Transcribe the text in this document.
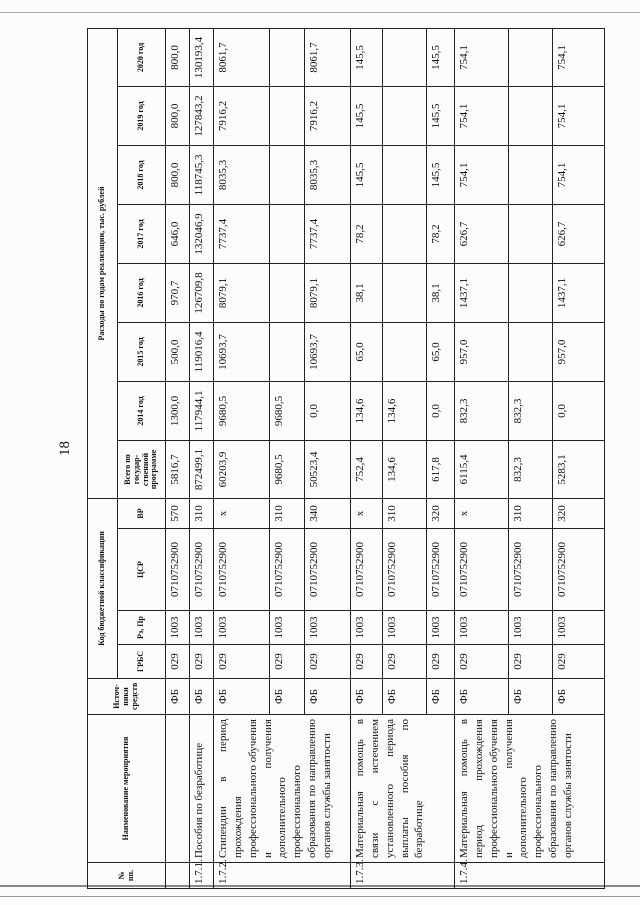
18
№ пп.	Наименование мероприятия	Источ-ники средств	Код бюджетной классификации				Расходы по годам реализации, тыс. рублей							
			ГРБС	Рз, Пр	ЦСР	ВР	Всего по государ-ственной программе	2014 год	2015 год	2016 год	2017 год	2018 год	2019 год	2020 год
		ФБ	029	1003	0710752900	570	5816,7	1300,0	500,0	970,7	646,0	800,0	800,0	800,0
1.7.1.	Пособия по безработице	ФБ	029	1003	0710752900	310	872499,1	117944,1	119016,4	126709,8	132046,9	118745,3	127843,2	130193,4
1.7.2.	Стипендии в период прохождения профессионального обучения и получения дополнительного профессионального образования по направлению органов службы занятости	ФБ	029	1003	0710752900	x	60203,9	9680,5	10693,7	8079,1	7737,4	8035,3	7916,2	8061,7
		ФБ	029	1003	0710752900	310	9680,5	9680,5						
		ФБ	029	1003	0710752900	340	50523,4	0,0	10693,7	8079,1	7737,4	8035,3	7916,2	8061,7
1.7.3.	Материальная помощь в связи с истечением установленного периода выплаты пособия по безработице	ФБ	029	1003	0710752900	x	752,4	134,6	65,0	38,1	78,2	145,5	145,5	145,5
		ФБ	029	1003	0710752900	310	134,6	134,6						
		ФБ	029	1003	0710752900	320	617,8	0,0	65,0	38,1	78,2	145,5	145,5	145,5
1.7.4.	Материальная помощь в период прохождения профессионального обучения и получения дополнительного профессионального образования по направлению органов службы занятости	ФБ	029	1003	0710752900	x	6115,4	832,3	957,0	1437,1	626,7	754,1	754,1	754,1
		ФБ	029	1003	0710752900	310	832,3	832,3						
		ФБ	029	1003	0710752900	320	5283,1	0,0	957,0	1437,1	626,7	754,1	754,1	754,1
